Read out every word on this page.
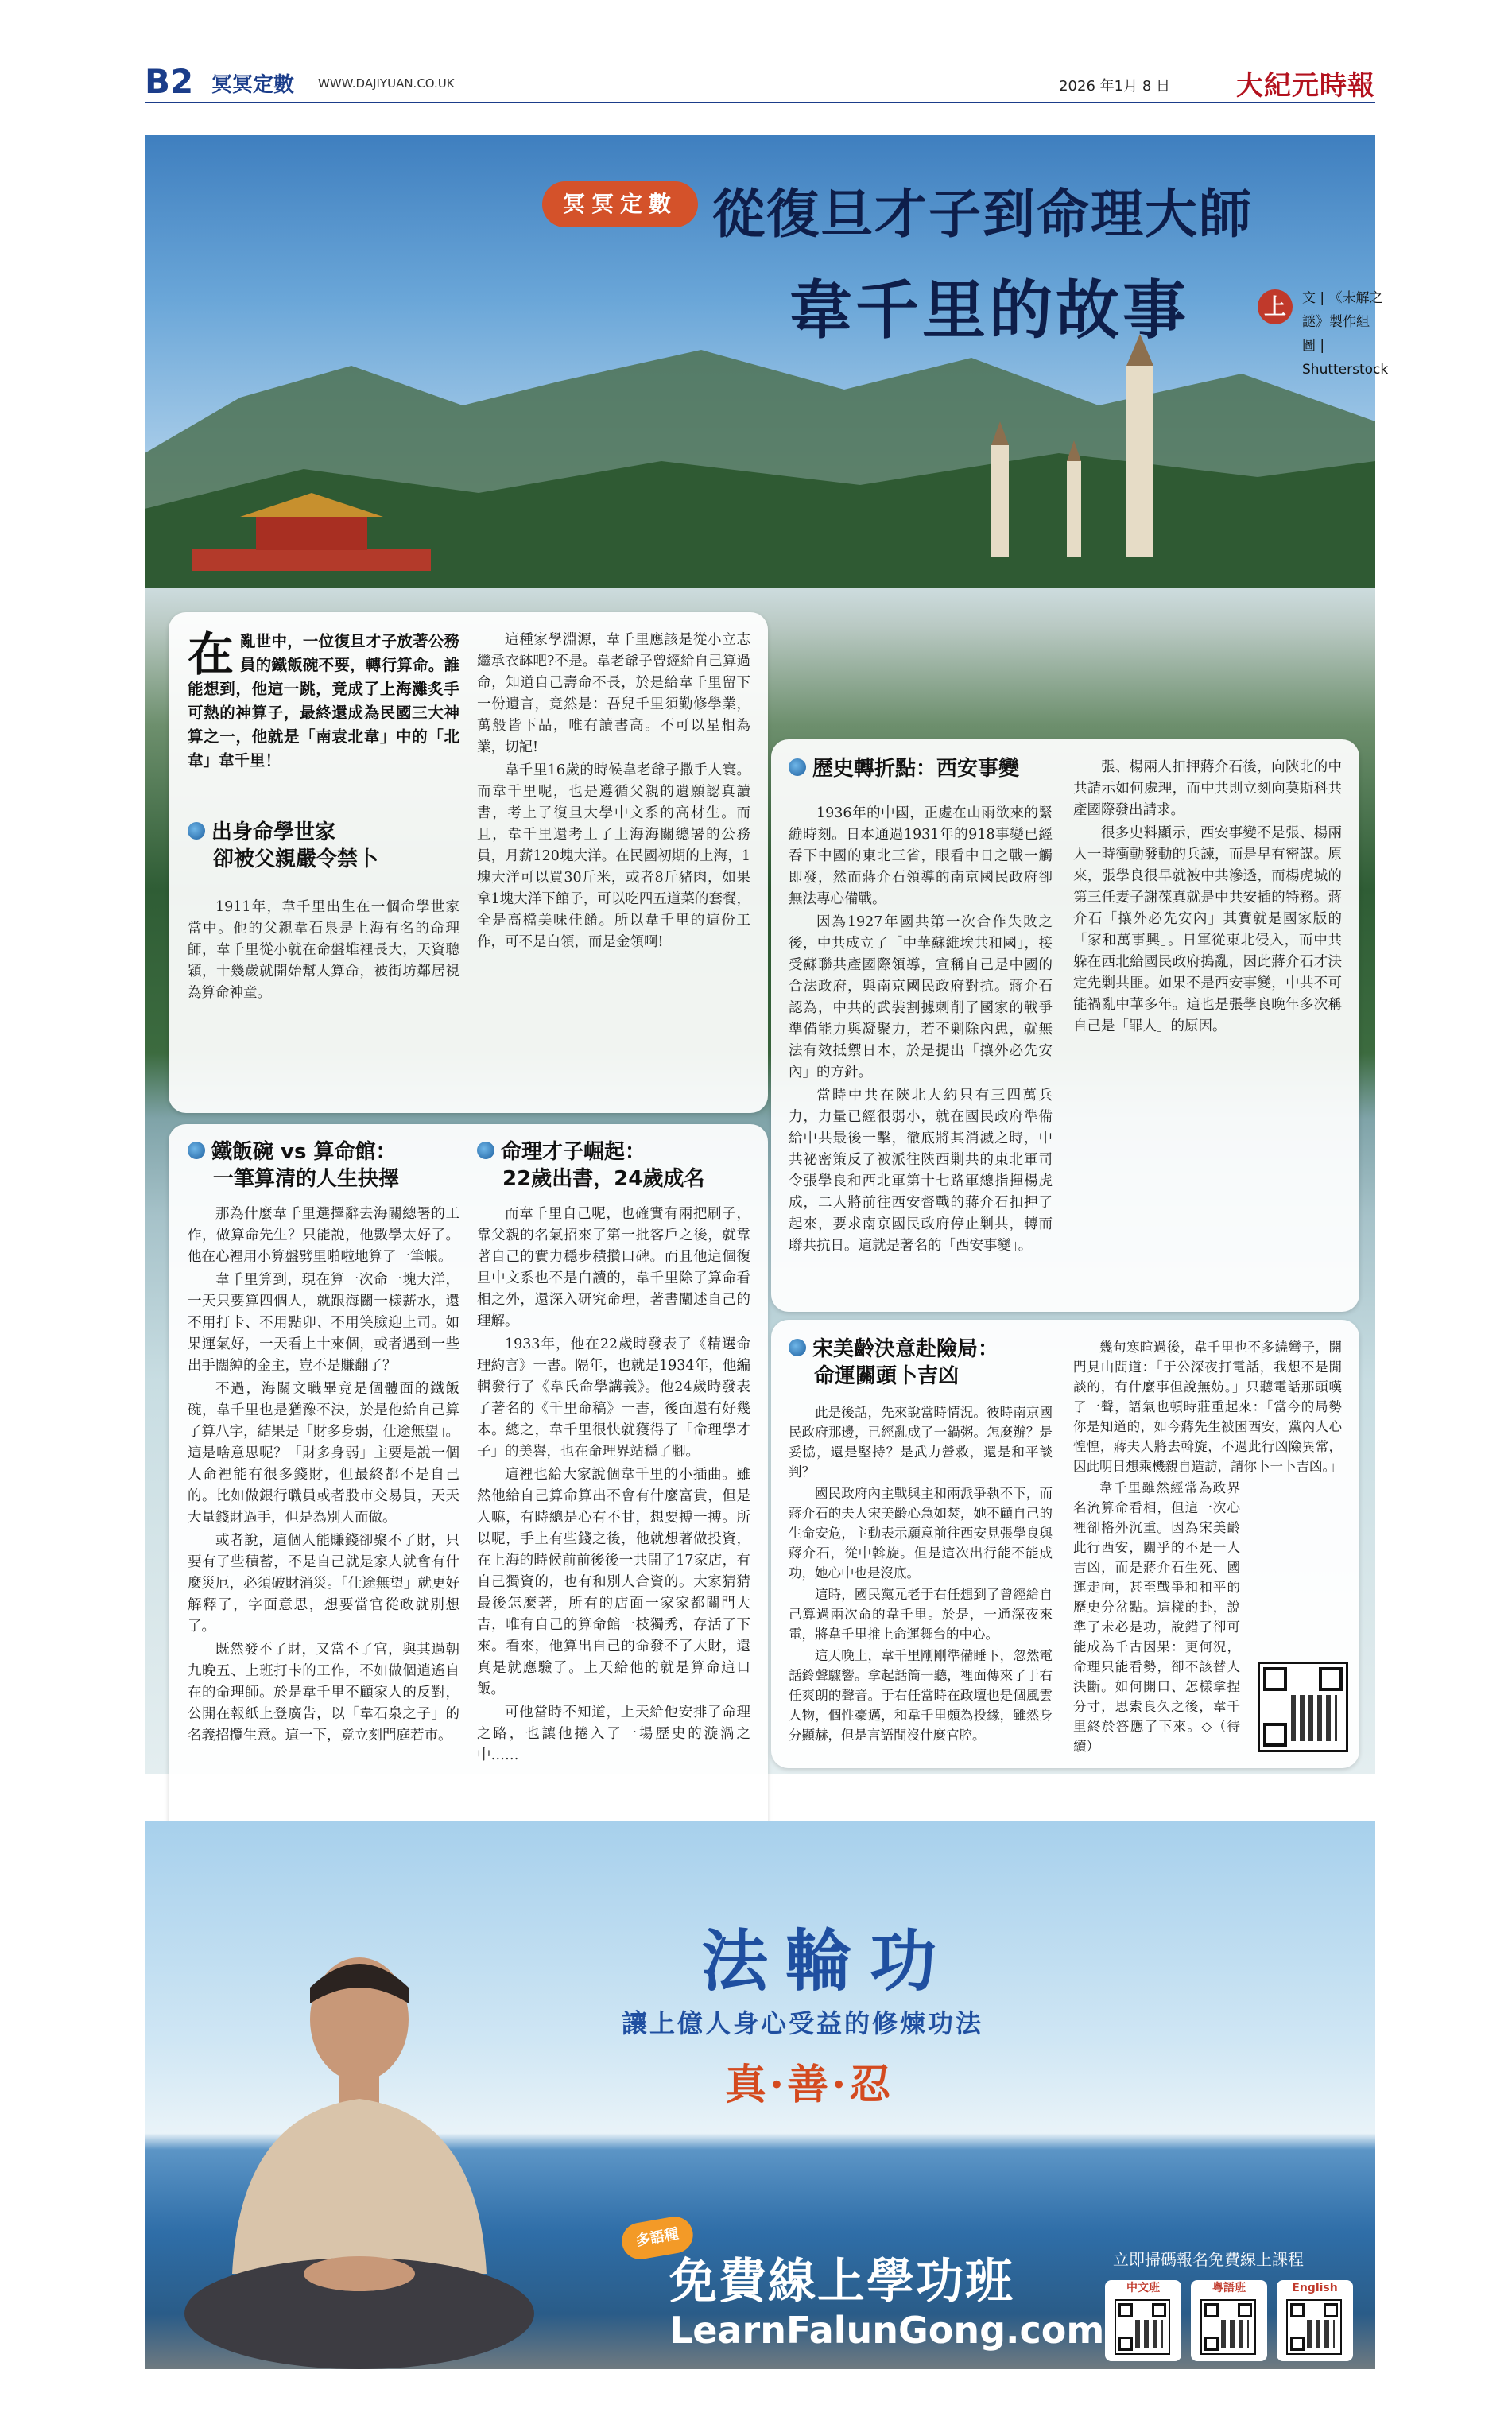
B2 冥冥定數 WWW.DAJIYUAN.CO.UK	2026 年1月 8 日 大紀元時報
冥冥定數 從復旦才子到命理大師
韋千里的故事	上	文 | 《未解之謎》製作組
圖 | Shutterstock
在亂世中，一位復旦才子放著公務員的鐵飯碗不要，轉行算命。誰能想到，他這一跳，竟成了上海灘炙手可熱的神算子，最終還成為民國三大神算之一，他就是「南袁北韋」中的「北韋」韋千里！
出身命學世家
卻被父親嚴令禁卜

1911年，韋千里出生在一個命學世家當中。他的父親韋石泉是上海有名的命理師，韋千里從小就在命盤堆裡長大，天資聰穎，十幾歲就開始幫人算命，被街坊鄰居視為算命神童。

這種家學淵源，韋千里應該是從小立志繼承衣缽吧?不是。韋老爺子曾經給自己算過命，知道自己壽命不長，於是給韋千里留下一份遺言，竟然是：吾兒千里須勤修學業，萬般皆下品，唯有讀書高。不可以星相為業，切記!

韋千里16歲的時候韋老爺子撒手人寰。而韋千里呢，也是遵循父親的遺願認真讀書，考上了復旦大學中文系的高材生。而且，韋千里還考上了上海海關總署的公務員，月薪120塊大洋。在民國初期的上海，1塊大洋可以買30斤米，或者8斤豬肉，如果拿1塊大洋下館子，可以吃四五道菜的套餐，全是高檔美味佳餚。所以韋千里的這份工作，可不是白領，而是金領啊!

鐵飯碗 vs 算命館：
一筆算清的人生抉擇

那為什麼韋千里選擇辭去海關總署的工作，做算命先生？只能說，他數學太好了。他在心裡用小算盤劈里啪啦地算了一筆帳。

韋千里算到，現在算一次命一塊大洋，一天只要算四個人，就跟海關一樣薪水，還不用打卡、不用點卯、不用笑臉迎上司。如果運氣好，一天看上十來個，或者遇到一些出手闊綽的金主，豈不是賺翻了？

不過，海關文職畢竟是個體面的鐵飯碗，韋千里也是猶豫不決，於是他給自己算了算八字，結果是「財多身弱，仕途無望」。這是啥意思呢？「財多身弱」主要是說一個人命裡能有很多錢財，但最終都不是自己的。比如做銀行職員或者股市交易員，天天大量錢財過手，但是為別人而做。

或者說，這個人能賺錢卻聚不了財，只要有了些積蓄，不是自己就是家人就會有什麼災厄，必須破財消災。「仕途無望」就更好解釋了，字面意思，想要當官從政就別想了。

既然發不了財，又當不了官，與其過朝九晚五、上班打卡的工作，不如做個逍遙自在的命理師。於是韋千里不顧家人的反對，公開在報紙上登廣告，以「韋石泉之子」的名義招攬生意。這一下，竟立刻門庭若市。

命理才子崛起：
22歲出書，24歲成名

而韋千里自己呢，也確實有兩把刷子，靠父親的名氣招來了第一批客戶之後，就靠著自己的實力穩步積攢口碑。而且他這個復旦中文系也不是白讀的，韋千里除了算命看相之外，還深入研究命理，著書闡述自己的理解。

1933年，他在22歲時發表了《精選命理約言》一書。隔年，也就是1934年，他編輯發行了《韋氏命學講義》。他24歲時發表了著名的《千里命稿》一書，後面還有好幾本。總之，韋千里很快就獲得了「命理學才子」的美譽，也在命理界站穩了腳。

這裡也給大家說個韋千里的小插曲。雖然他給自己算命算出不會有什麼富貴，但是人嘛，有時總是心有不甘，想要搏一搏。所以呢，手上有些錢之後，他就想著做投資，在上海的時候前前後後一共開了17家店，有自己獨資的，也有和別人合資的。大家猜猜最後怎麼著，所有的店面一家家都關門大吉，唯有自己的算命館一枝獨秀，存活了下來。看來，他算出自己的命發不了大財，還真是就應驗了。上天給他的就是算命這口飯。

可他當時不知道，上天給他安排了命理之路，也讓他捲入了一場歷史的漩渦之中……

歷史轉折點：西安事變

1936年的中國，正處在山雨欲來的緊繃時刻。日本通過1931年的918事變已經吞下中國的東北三省，眼看中日之戰一觸即發，然而蔣介石領導的南京國民政府卻無法專心備戰。

因為1927年國共第一次合作失敗之後，中共成立了「中華蘇維埃共和國」，接受蘇聯共產國際領導，宣稱自己是中國的合法政府，與南京國民政府對抗。蔣介石認為，中共的武裝割據刺削了國家的戰爭準備能力與凝聚力，若不剿除內患，就無法有效抵禦日本，於是提出「攘外必先安內」的方針。

當時中共在陝北大約只有三四萬兵力，力量已經很弱小，就在國民政府準備給中共最後一擊，徹底將其消滅之時，中共祕密策反了被派往陝西剿共的東北軍司令張學良和西北軍第十七路軍總指揮楊虎成，二人將前往西安督戰的蔣介石扣押了起來，要求南京國民政府停止剿共，轉而聯共抗日。這就是著名的「西安事變」。

張、楊兩人扣押蔣介石後，向陝北的中共請示如何處理，而中共則立刻向莫斯科共產國際發出請求。

很多史料顯示，西安事變不是張、楊兩人一時衝動發動的兵諫，而是早有密謀。原來，張學良很早就被中共滲透，而楊虎城的第三任妻子謝葆真就是中共安插的特務。蔣介石「攘外必先安內」其實就是國家版的「家和萬事興」。日軍從東北侵入，而中共躲在西北給國民政府搗亂，因此蔣介石才決定先剿共匪。如果不是西安事變，中共不可能禍亂中華多年。這也是張學良晚年多次稱自己是「罪人」的原因。

宋美齡決意赴險局：
命運關頭卜吉凶

此是後話，先來說當時情況。彼時南京國民政府那邊，已經亂成了一鍋粥。怎麼辦？是妥協，還是堅持？是武力營救，還是和平談判？

國民政府內主戰與主和兩派爭執不下，而蔣介石的夫人宋美齡心急如焚，她不顧自己的生命安危，主動表示願意前往西安見張學良與蔣介石，從中斡旋。但是這次出行能不能成功，她心中也是沒底。

這時，國民黨元老于右任想到了曾經給自己算過兩次命的韋千里。於是，一通深夜來電，將韋千里推上命運舞台的中心。

這天晚上，韋千里剛剛準備睡下，忽然電話鈴聲驟響。拿起話筒一聽，裡面傳來了于右任爽朗的聲音。于右任當時在政壇也是個風雲人物，個性豪邁，和韋千里頗為投緣，雖然身分顯赫，但是言語間沒什麼官腔。

幾句寒暄過後，韋千里也不多繞彎子，開門見山問道：「于公深夜打電話，我想不是閒談的，有什麼事但說無妨。」只聽電話那頭嘆了一聲，語氣也頓時莊重起來：「當今的局勢你是知道的，如今蔣先生被困西安，黨內人心惶惶，蔣夫人將去斡旋，不過此行凶險異常，因此明日想乘機親自造訪，請你卜一卜吉凶。」

韋千里雖然經常為政界名流算命看相，但這一次心裡卻格外沉重。因為宋美齡此行西安，關乎的不是一人吉凶，而是蔣介石生死、國運走向，甚至戰爭和和平的歷史分岔點。這樣的卦，說準了未必是功，說錯了卻可能成為千古因果：更何況，命理只能看勢，卻不該替人決斷。如何開口、怎樣拿捏分寸，思索良久之後，韋千里終於答應了下來。◇（待續）

法輪功
讓上億人身心受益的修煉功法
真·善·忍
多語種
免費線上學功班
LearnFalunGong.com
立即掃碼報名免費線上課程
中文班	粵語班	English
